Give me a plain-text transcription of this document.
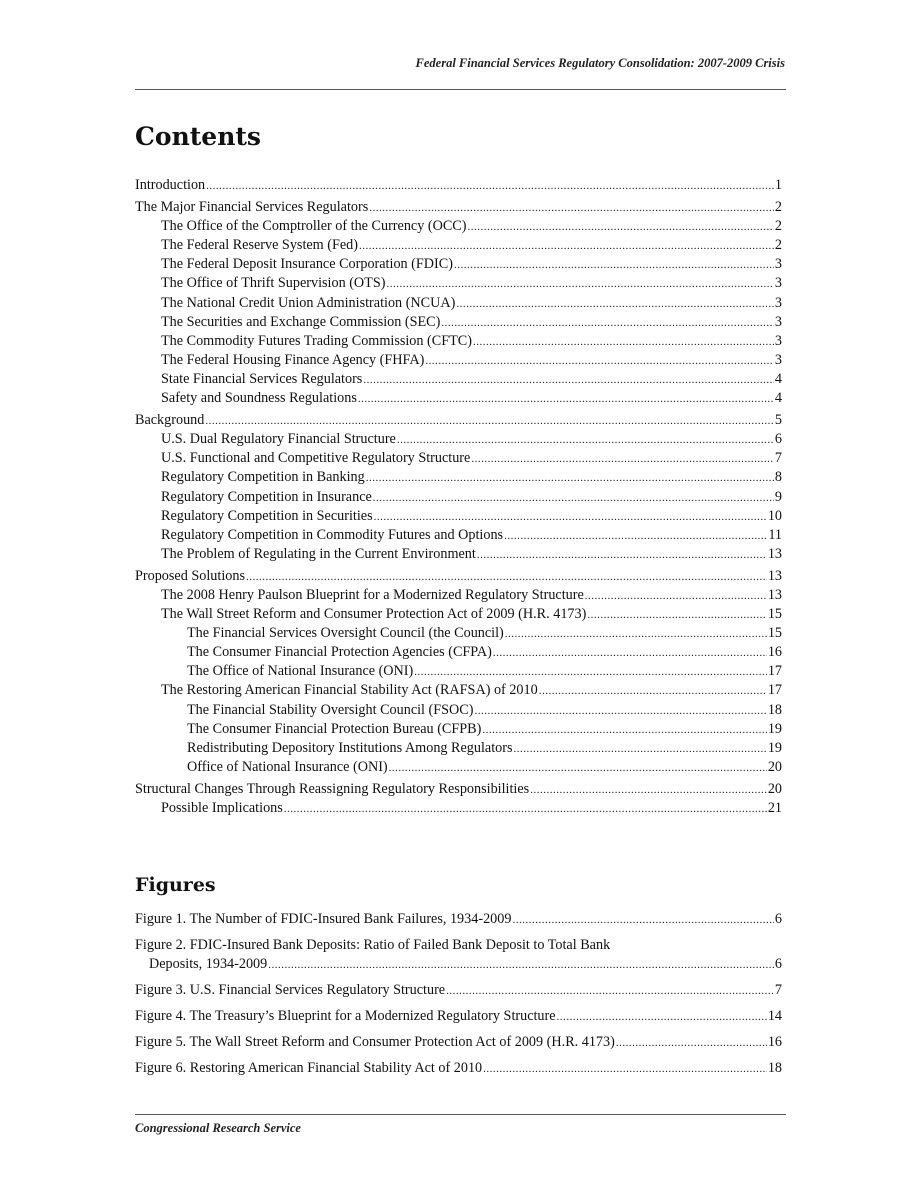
Federal Financial Services Regulatory Consolidation: 2007-2009 Crisis
Contents
Introduction .....	1
The Major Financial Services Regulators .....	2
The Office of the Comptroller of the Currency (OCC) .....	2
The Federal Reserve System (Fed) .....	2
The Federal Deposit Insurance Corporation (FDIC) .....	3
The Office of Thrift Supervision (OTS) .....	3
The National Credit Union Administration (NCUA) .....	3
The Securities and Exchange Commission (SEC) .....	3
The Commodity Futures Trading Commission (CFTC) .....	3
The Federal Housing Finance Agency (FHFA) .....	3
State Financial Services Regulators .....	4
Safety and Soundness Regulations .....	4
Background .....	5
U.S. Dual Regulatory Financial Structure .....	6
U.S. Functional and Competitive Regulatory Structure .....	7
Regulatory Competition in Banking .....	8
Regulatory Competition in Insurance .....	9
Regulatory Competition in Securities .....	10
Regulatory Competition in Commodity Futures and Options .....	11
The Problem of Regulating in the Current Environment .....	13
Proposed Solutions .....	13
The 2008 Henry Paulson Blueprint for a Modernized Regulatory Structure .....	13
The Wall Street Reform and Consumer Protection Act of 2009 (H.R. 4173) .....	15
The Financial Services Oversight Council (the Council) .....	15
The Consumer Financial Protection Agencies (CFPA) .....	16
The Office of National Insurance (ONI) .....	17
The Restoring American Financial Stability Act (RAFSA) of 2010 .....	17
The Financial Stability Oversight Council (FSOC) .....	18
The Consumer Financial Protection Bureau (CFPB) .....	19
Redistributing Depository Institutions Among Regulators .....	19
Office of National Insurance (ONI) .....	20
Structural Changes Through Reassigning Regulatory Responsibilities .....	20
Possible Implications .....	21
Figures
Figure 1. The Number of FDIC-Insured Bank Failures, 1934-2009 .....	6
Figure 2. FDIC-Insured Bank Deposits: Ratio of Failed Bank Deposit to Total Bank
Deposits, 1934-2009 .....	6
Figure 3. U.S. Financial Services Regulatory Structure .....	7
Figure 4. The Treasury’s Blueprint for a Modernized Regulatory Structure .....	14
Figure 5. The Wall Street Reform and Consumer Protection Act of 2009 (H.R. 4173) .....	16
Figure 6. Restoring American Financial Stability Act of 2010 .....	18
Congressional Research Service
